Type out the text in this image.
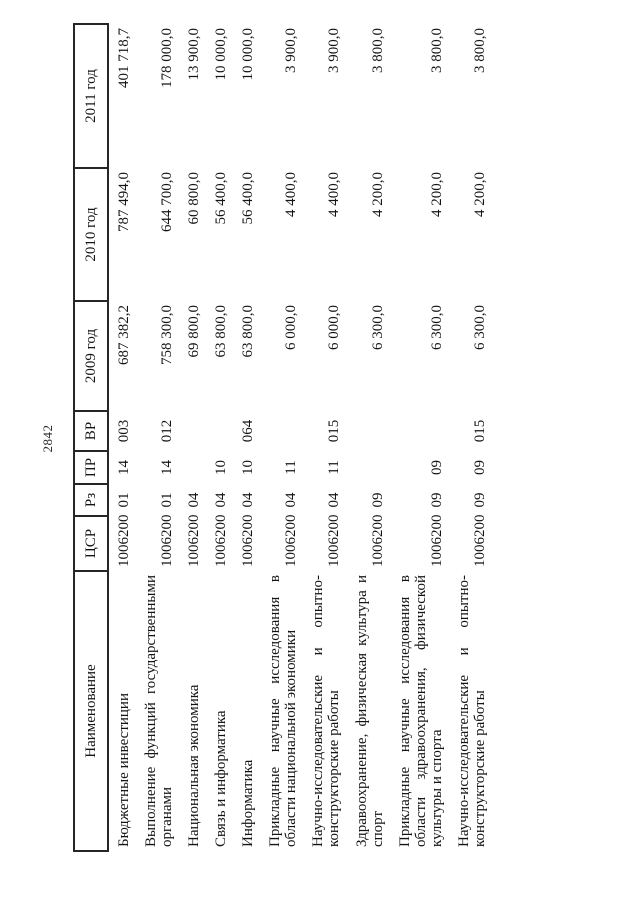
2842
Наименование	ЦСР	Рз	ПР	ВР	2009 год	2010 год	2011 год
Бюджетные инвестиции	1006200	01	14	003	687 382,2	787 494,0	401 718,7
Выполнение функций государственными органами	1006200	01	14	012	758 300,0	644 700,0	178 000,0
Национальная экономика	1006200	04			69 800,0	60 800,0	13 900,0
Связь и информатика	1006200	04	10		63 800,0	56 400,0	10 000,0
Информатика	1006200	04	10	064	63 800,0	56 400,0	10 000,0
Прикладные научные исследования в области национальной экономики	1006200	04	11		6 000,0	4 400,0	3 900,0
Научно-исследовательские и опытно-конструкторские работы	1006200	04	11	015	6 000,0	4 400,0	3 900,0
Здравоохранение, физическая культура и спорт	1006200	09			6 300,0	4 200,0	3 800,0
Прикладные научные исследования в области здравоохранения, физической культуры и спорта	1006200	09	09		6 300,0	4 200,0	3 800,0
Научно-исследовательские и опытно-конструкторские работы	1006200	09	09	015	6 300,0	4 200,0	3 800,0
